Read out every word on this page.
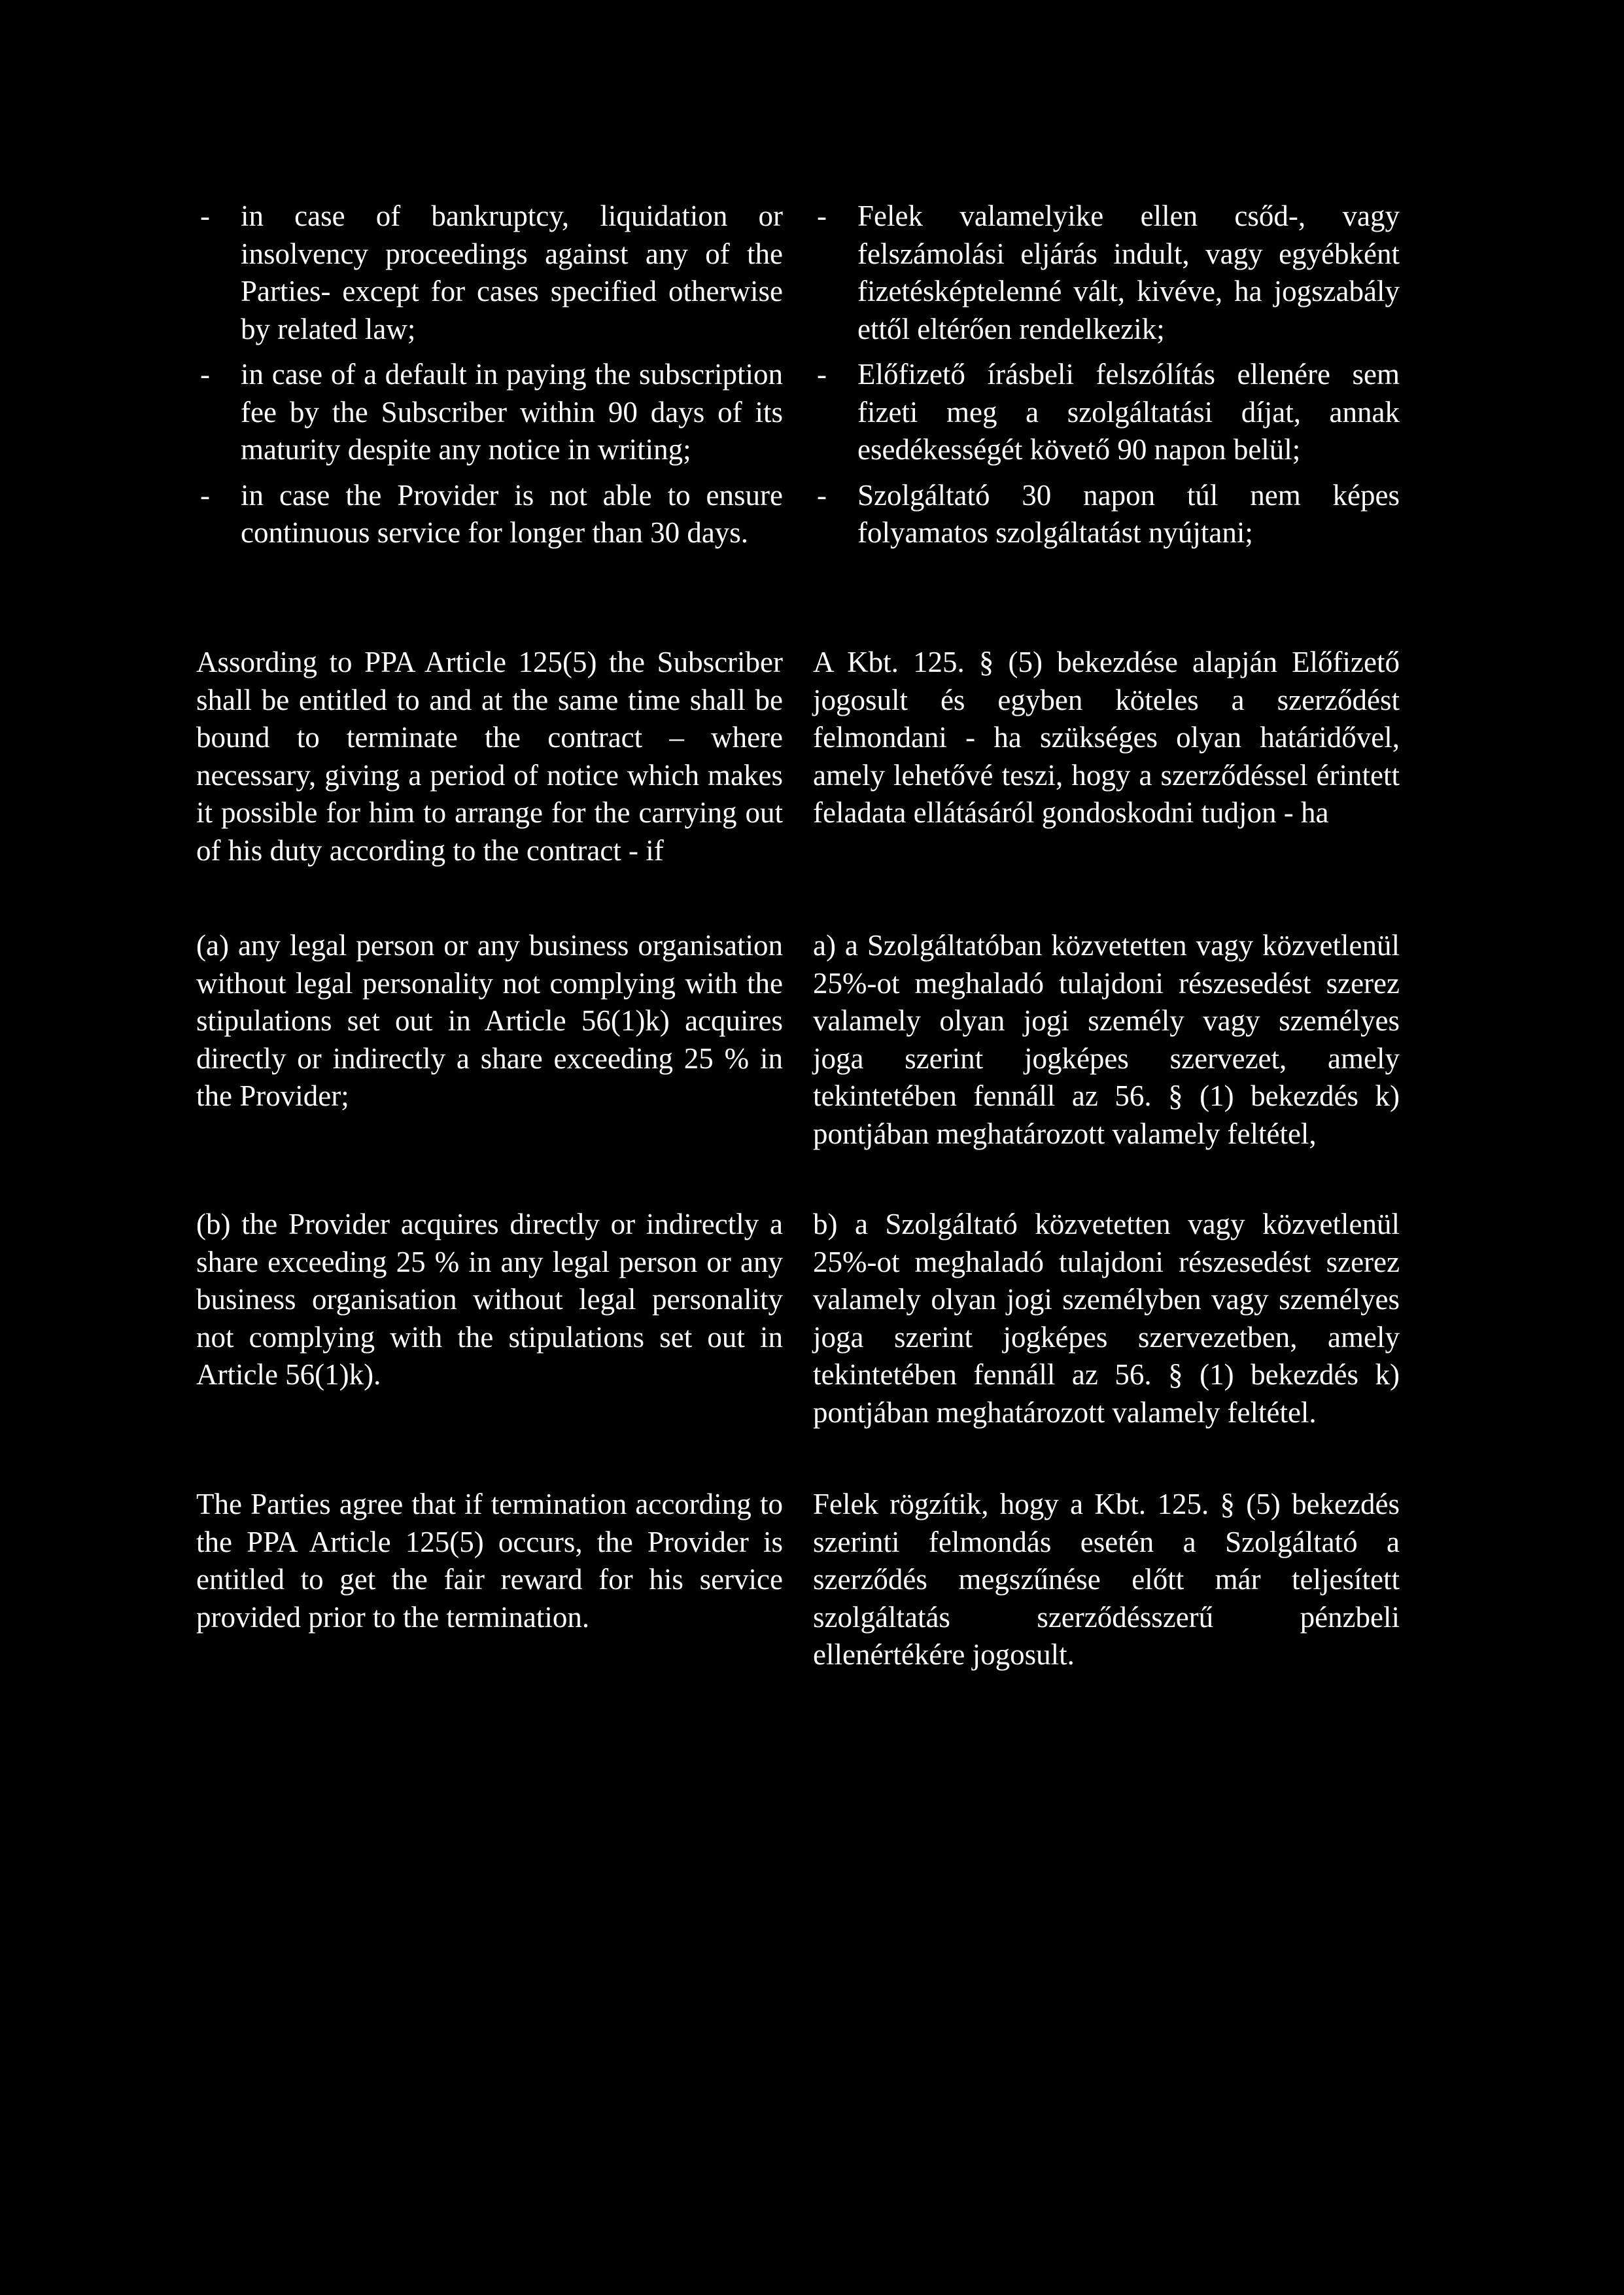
- in case of bankruptcy, liquidation or insolvency proceedings against any of the Parties- except for cases specified otherwise by related law;
- in case of a default in paying the subscription fee by the Subscriber within 90 days of its maturity despite any notice in writing;
- in case the Provider is not able to ensure continuous service for longer than 30 days.

Assording to PPA Article 125(5) the Subscriber shall be entitled to and at the same time shall be bound to terminate the contract – where necessary, giving a period of notice which makes it possible for him to arrange for the carrying out of his duty according to the contract - if

(a) any legal person or any business organisation without legal personality not complying with the stipulations set out in Article 56(1)k) acquires directly or indirectly a share exceeding 25 % in the Provider;

(b) the Provider acquires directly or indirectly a share exceeding 25 % in any legal person or any business organisation without legal personality not complying with the stipulations set out in Article 56(1)k).

The Parties agree that if termination according to the PPA Article 125(5) occurs, the Provider is entitled to get the fair reward for his service provided prior to the termination.

- Felek valamelyike ellen csőd-, vagy felszámolási eljárás indult, vagy egyébként fizetésképtelenné vált, kivéve, ha jogszabály ettől eltérően rendelkezik;
- Előfizető írásbeli felszólítás ellenére sem fizeti meg a szolgáltatási díjat, annak esedékességét követő 90 napon belül;
- Szolgáltató 30 napon túl nem képes folyamatos szolgáltatást nyújtani;

A Kbt. 125. § (5) bekezdése alapján Előfizető jogosult és egyben köteles a szerződést felmondani - ha szükséges olyan határidővel, amely lehetővé teszi, hogy a szerződéssel érintett feladata ellátásáról gondoskodni tudjon - ha

a) a Szolgáltatóban közvetetten vagy közvetlenül 25%-ot meghaladó tulajdoni részesedést szerez valamely olyan jogi személy vagy személyes joga szerint jogképes szervezet, amely tekintetében fennáll az 56. § (1) bekezdés k) pontjában meghatározott valamely feltétel,

b) a Szolgáltató közvetetten vagy közvetlenül 25%-ot meghaladó tulajdoni részesedést szerez valamely olyan jogi személyben vagy személyes joga szerint jogképes szervezetben, amely tekintetében fennáll az 56. § (1) bekezdés k) pontjában meghatározott valamely feltétel.

Felek rögzítik, hogy a Kbt. 125. § (5) bekezdés szerinti felmondás esetén a Szolgáltató a szerződés megszűnése előtt már teljesített szolgáltatás szerződésszerű pénzbeli ellenértékére jogosult.
